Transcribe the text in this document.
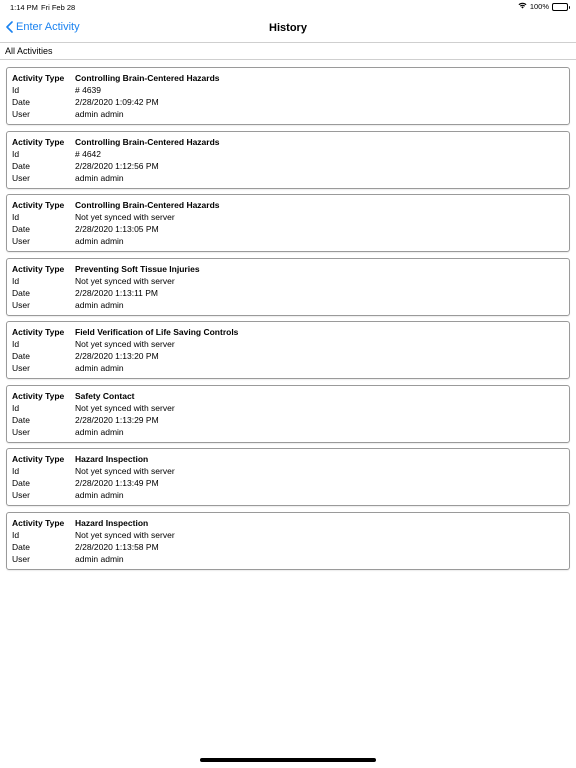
1:14 PM Fri Feb 28	100%
Enter Activity	History
All Activities
Activity Type	Controlling Brain-Centered Hazards
Id	# 4639
Date	2/28/2020 1:09:42 PM
User	admin admin
Activity Type	Controlling Brain-Centered Hazards
Id	# 4642
Date	2/28/2020 1:12:56 PM
User	admin admin
Activity Type	Controlling Brain-Centered Hazards
Id	Not yet synced with server
Date	2/28/2020 1:13:05 PM
User	admin admin
Activity Type	Preventing Soft Tissue Injuries
Id	Not yet synced with server
Date	2/28/2020 1:13:11 PM
User	admin admin
Activity Type	Field Verification of Life Saving Controls
Id	Not yet synced with server
Date	2/28/2020 1:13:20 PM
User	admin admin
Activity Type	Safety Contact
Id	Not yet synced with server
Date	2/28/2020 1:13:29 PM
User	admin admin
Activity Type	Hazard Inspection
Id	Not yet synced with server
Date	2/28/2020 1:13:49 PM
User	admin admin
Activity Type	Hazard Inspection
Id	Not yet synced with server
Date	2/28/2020 1:13:58 PM
User	admin admin
